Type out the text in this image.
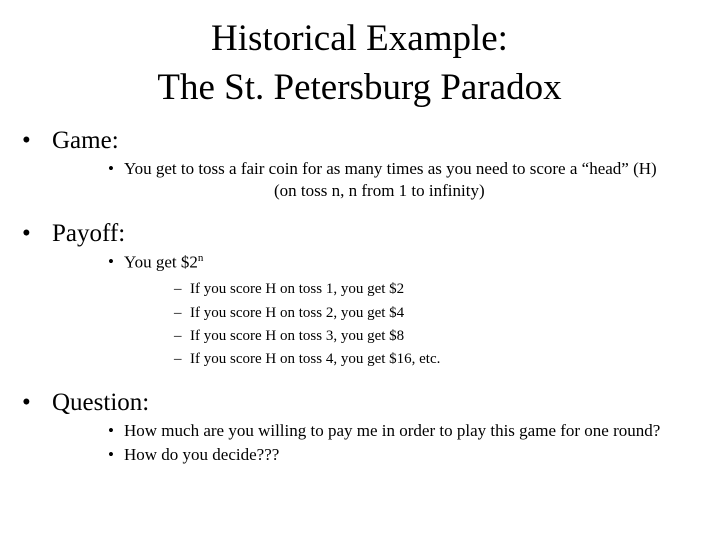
Historical Example:
The St. Petersburg Paradox
• Game:
• You get to toss a fair coin for as many times as you need to score a “head” (H)(on toss n, n from 1 to infinity)
• Payoff:
• You get $2$^n$
– If you score H on toss 1, you get $2
– If you score H on toss 2, you get $4
– If you score H on toss 3, you get $8
– If you score H on toss 4, you get $16, etc.
• Question:
• How much are you willing to pay me in order to play this game for one round?
• How do you decide???
